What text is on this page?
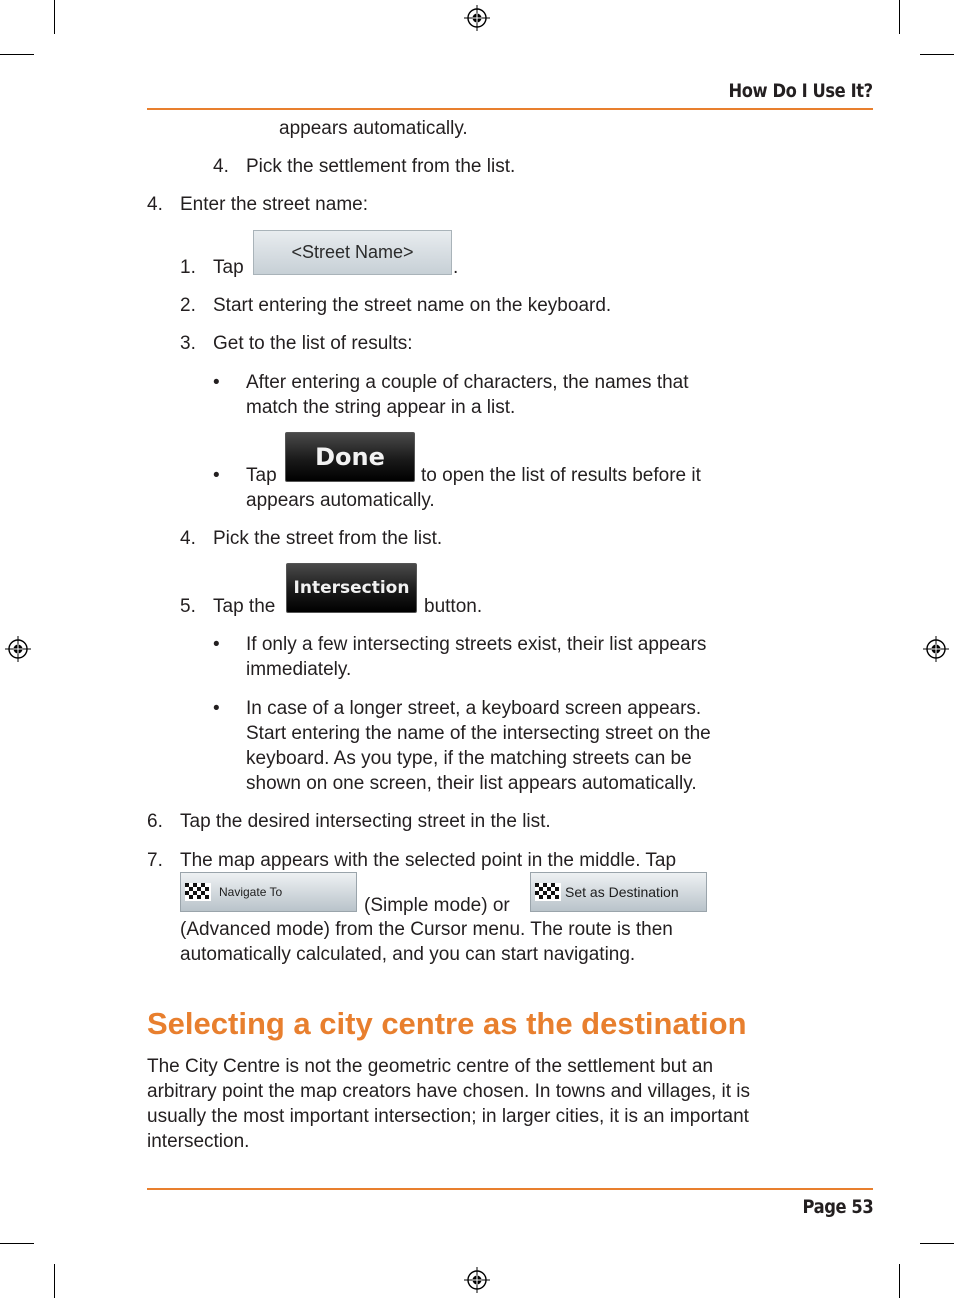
How Do I Use It?
appears automatically.
4. Pick the settlement from the list.
4. Enter the street name:
1. Tap
<Street Name>
.
2. Start entering the street name on the keyboard.
3. Get to the list of results:
• After entering a couple of characters, the names that
match the string appear in a list.
• Tap
Done
to open the list of results before it
appears automatically.
4. Pick the street from the list.
5. Tap the
Intersection
button.
• If only a few intersecting streets exist, their list appears
immediately.
• In case of a longer street, a keyboard screen appears.
Start entering the name of the intersecting street on the
keyboard. As you type, if the matching streets can be
shown on one screen, their list appears automatically.
6. Tap the desired intersecting street in the list.
7. The map appears with the selected point in the middle. Tap
Navigate To
(Simple mode) or
Set as Destination
(Advanced mode) from the Cursor menu. The route is then
automatically calculated, and you can start navigating.
Selecting a city centre as the destination
The City Centre is not the geometric centre of the settlement but an
arbitrary point the map creators have chosen. In towns and villages, it is
usually the most important intersection; in larger cities, it is an important
intersection.
Page 53
